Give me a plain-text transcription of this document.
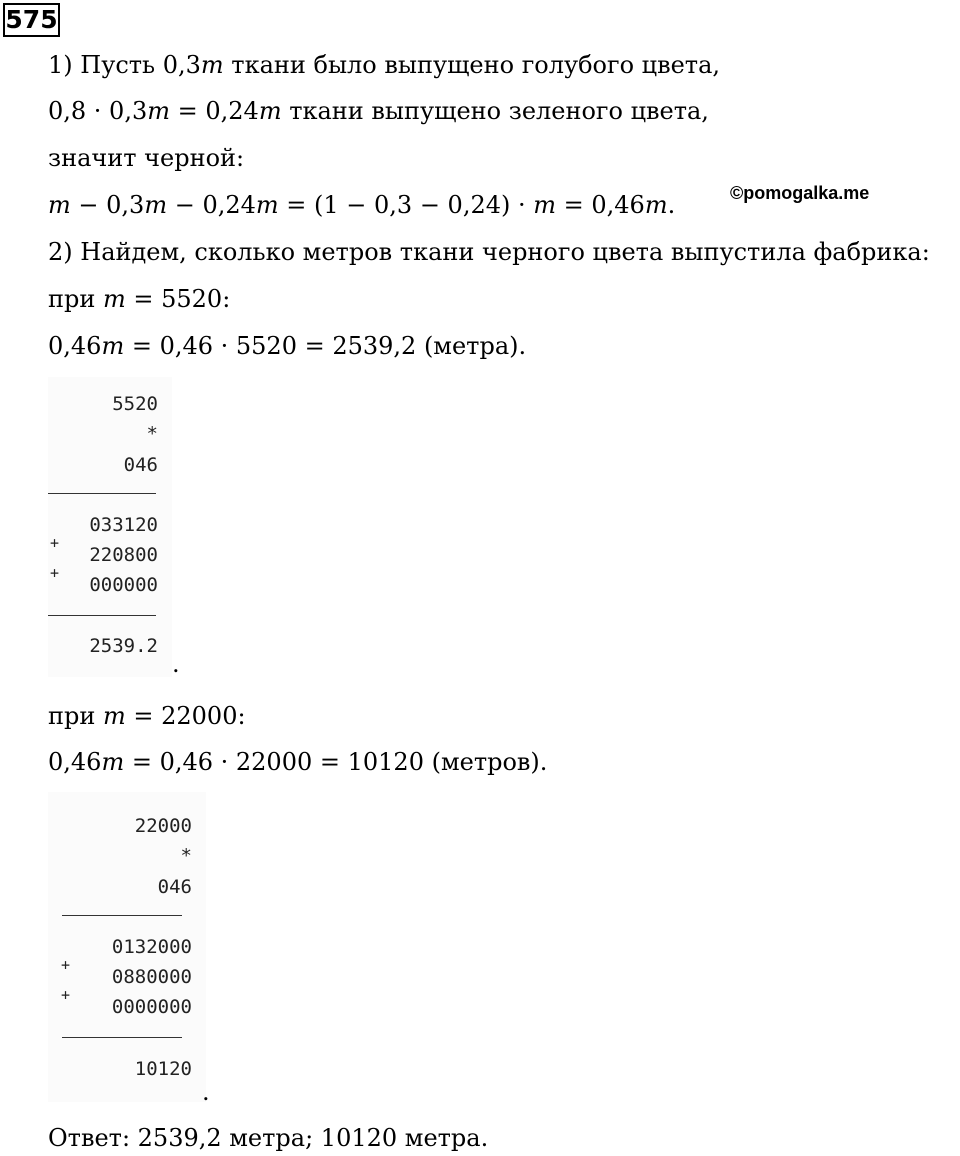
575
1) Пусть 0,3m ткани было выпущено голубого цвета,
0,8 · 0,3m = 0,24m ткани выпущено зеленого цвета,
значит черной:
m − 0,3m − 0,24m = (1 − 0,3 − 0,24) · m = 0,46m.	©pomogalka.me
2) Найдем, сколько метров ткани черного цвета выпустила фабрика:
при m = 5520:
0,46m = 0,46 · 5520 = 2539,2 (метра).
5520
*
046
033120
+
220800
+
000000
2539.2
.
при m = 22000:
0,46m = 0,46 · 22000 = 10120 (метров).
22000
*
046
0132000
+
0880000
+
0000000
10120
.
Ответ: 2539,2 метра; 10120 метра.
